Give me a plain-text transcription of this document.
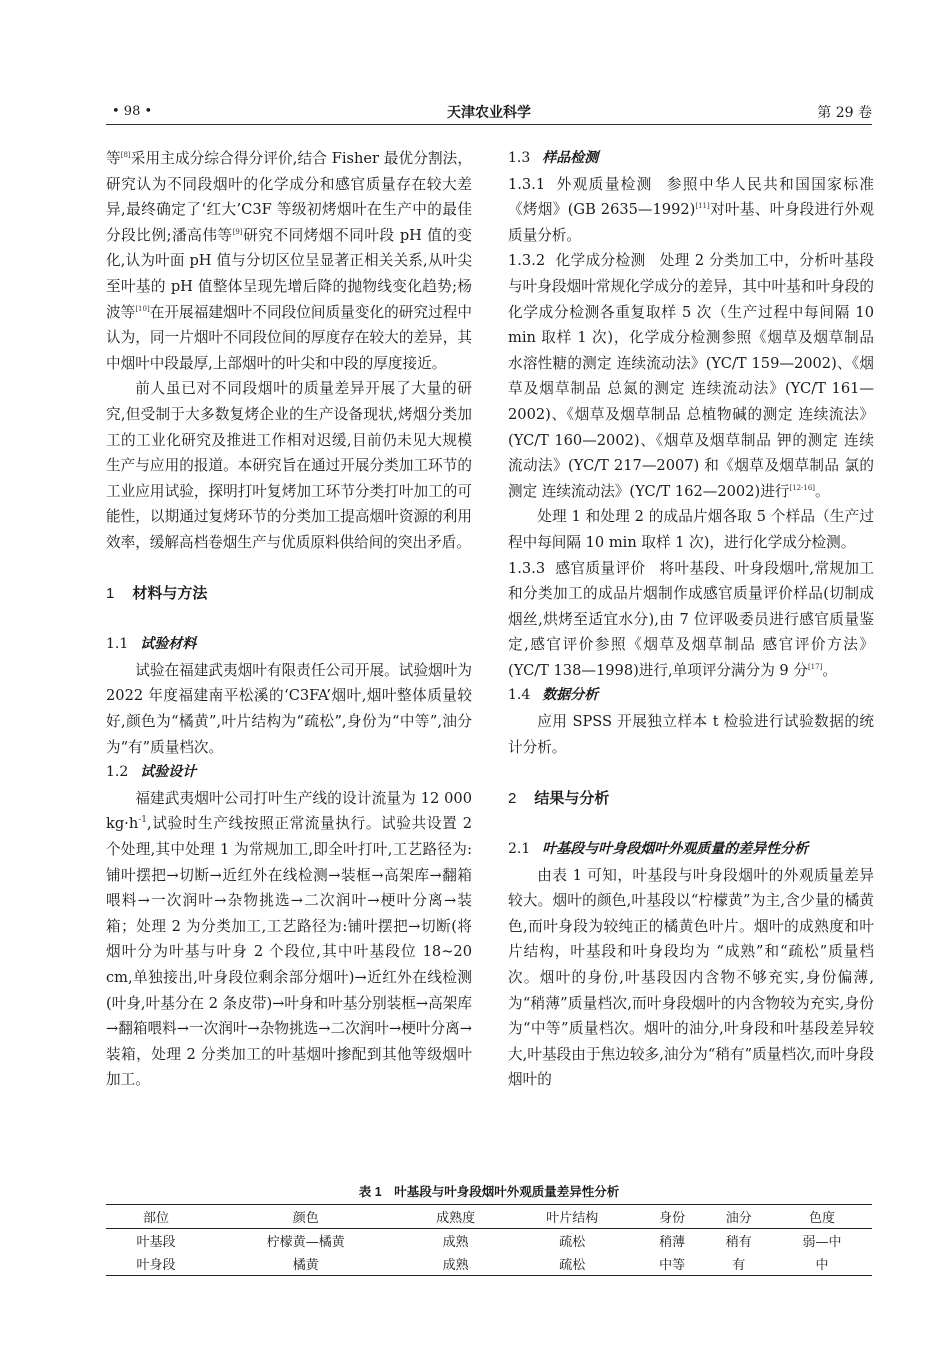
• 98 •	天津农业科学	第 29 卷

等[8]采用主成分综合得分评价,结合 Fisher 最优分割法，研究认为不同段烟叶的化学成分和感官质量存在较大差异,最终确定了‘红大’C3F 等级初烤烟叶在生产中的最佳分段比例;潘高伟等[9]研究不同烤烟不同叶段 pH 值的变化,认为叶面 pH 值与分切区位呈显著正相关关系,从叶尖至叶基的 pH 值整体呈现先增后降的抛物线变化趋势;杨波等[10]在开展福建烟叶不同段位间质量变化的研究过程中认为，同一片烟叶不同段位间的厚度存在较大的差异，其中烟叶中段最厚,上部烟叶的叶尖和中段的厚度接近。

前人虽已对不同段烟叶的质量差异开展了大量的研究,但受制于大多数复烤企业的生产设备现状,烤烟分类加工的工业化研究及推进工作相对迟缓,目前仍未见大规模生产与应用的报道。本研究旨在通过开展分类加工环节的工业应用试验，探明打叶复烤加工环节分类打叶加工的可能性，以期通过复烤环节的分类加工提高烟叶资源的利用效率，缓解高档卷烟生产与优质原料供给间的突出矛盾。

1 材料与方法

1.1 试验材料

试验在福建武夷烟叶有限责任公司开展。试验烟叶为 2022 年度福建南平松溪的‘C3FA’烟叶,烟叶整体质量较好,颜色为“橘黄”,叶片结构为“疏松”,身份为“中等”,油分为“有”质量档次。

1.2 试验设计

福建武夷烟叶公司打叶生产线的设计流量为 12 000 $kg\cdot h^{-1}$,试验时生产线按照正常流量执行。试验共设置 2 个处理,其中处理 1 为常规加工,即全叶打叶,工艺路径为:铺叶摆把→切断→近红外在线检测→装框→高架库→翻箱喂料→一次润叶→杂物挑选→二次润叶→梗叶分离→装箱；处理 2 为分类加工,工艺路径为:铺叶摆把→切断(将烟叶分为叶基与叶身 2 个段位,其中叶基段位 18~20 cm,单独接出,叶身段位剩余部分烟叶)→近红外在线检测(叶身,叶基分在 2 条皮带)→叶身和叶基分别装框→高架库→翻箱喂料→一次润叶→杂物挑选→二次润叶→梗叶分离→装箱，处理 2 分类加工的叶基烟叶掺配到其他等级烟叶加工。

1.3 样品检测

1.3.1 外观质量检测 参照中华人民共和国国家标准《烤烟》(GB 2635—1992)[11]对叶基、叶身段进行外观质量分析。

1.3.2 化学成分检测 处理 2 分类加工中，分析叶基段与叶身段烟叶常规化学成分的差异，其中叶基和叶身段的化学成分检测各重复取样 5 次（生产过程中每间隔 10 min 取样 1 次)，化学成分检测参照《烟草及烟草制品 水溶性糖的测定 连续流动法》(YC/T 159—2002)、《烟草及烟草制品 总氮的测定 连续流动法》(YC/T 161—2002)、《烟草及烟草制品 总植物碱的测定 连续流法》(YC/T 160—2002)、《烟草及烟草制品 钾的测定 连续流动法》(YC/T 217—2007) 和《烟草及烟草制品 氯的测定 连续流动法》(YC/T 162—2002)进行[12-16]。

处理 1 和处理 2 的成品片烟各取 5 个样品（生产过程中每间隔 10 min 取样 1 次)，进行化学成分检测。

1.3.3 感官质量评价 将叶基段、叶身段烟叶,常规加工和分类加工的成品片烟制作成感官质量评价样品(切制成烟丝,烘烤至适宜水分),由 7 位评吸委员进行感官质量鉴定,感官评价参照《烟草及烟草制品 感官评价方法》(YC/T 138—1998)进行,单项评分满分为 9 分[17]。

1.4 数据分析

应用 SPSS 开展独立样本 t 检验进行试验数据的统计分析。

2 结果与分析

2.1 叶基段与叶身段烟叶外观质量的差异性分析

由表 1 可知，叶基段与叶身段烟叶的外观质量差异较大。烟叶的颜色,叶基段以“柠檬黄”为主,含少量的橘黄色,而叶身段为较纯正的橘黄色叶片。烟叶的成熟度和叶片结构，叶基段和叶身段均为 “成熟”和“疏松”质量档次。烟叶的身份,叶基段因内含物不够充实,身份偏薄,为“稍薄”质量档次,而叶身段烟叶的内含物较为充实,身份为“中等”质量档次。烟叶的油分,叶身段和叶基段差异较大,叶基段由于焦边较多,油分为“稍有”质量档次,而叶身段烟叶的

表 1　叶基段与叶身段烟叶外观质量差异性分析
部位	颜色	成熟度	叶片结构	身份	油分	色度
叶基段	柠檬黄—橘黄	成熟	疏松	稍薄	稍有	弱—中
叶身段	橘黄	成熟	疏松	中等	有	中
